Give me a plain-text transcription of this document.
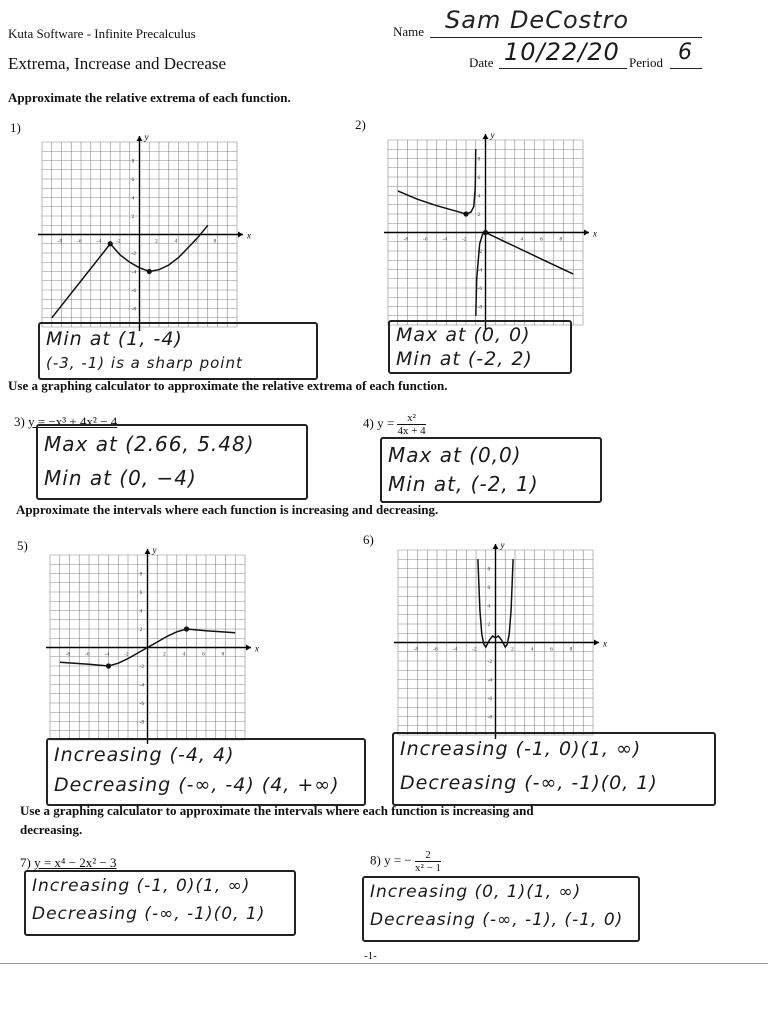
Kuta Software - Infinite Precalculus
Extrema, Increase and Decrease
Name Sam DeCostro
Date 10/22/20 Period 6
Approximate the relative extrema of each function.
1)	2)
x
y
-8
-8
-6
-6
-4
-4
-2
-2
2
2
4
4
6
6
8
8
x
y
-8
-8
-6
-6
-4
-4
-2
-2
2
2
4
4
6
6
8
8
Min at (1, -4)
(-3, -1) is a sharp point
Max at (0, 0)
Min at (-2, 2)
Use a graphing calculator to approximate the relative extrema of each function.
3) y = −x³ + 4x² − 4
Max at (2.66, 5.48)
Min at (0, −4)
4) $y = \frac{\text{x²}}{4x + 4}$
Max at (0,0)
Min at, (-2, 1)
Approximate the intervals where each function is increasing and decreasing.
5)	6)
x
y
-8
-8
-6
-6
-4
-4
-2
-2
2
2
4
4
6
6
8
8
x
y
-8
-8
-6
-6
-4
-4
-2
-2
2
2
4
4
6
6
8
8
Increasing (-4, 4)
Decreasing (-∞, -4) (4, +∞)
Increasing (-1, 0)(1, ∞)
Decreasing (-∞, -1)(0, 1)
Use a graphing calculator to approximate the intervals where each function is increasing and
decreasing.
7) y = x⁴ − 2x² − 3
Increasing (-1, 0)(1, ∞)
Decreasing (-∞, -1)(0, 1)
8) y = − $\frac{2}{\text{x² − 1}}$
Increasing (0, 1)(1, ∞)
Decreasing (-∞, -1), (-1, 0)
-1-
